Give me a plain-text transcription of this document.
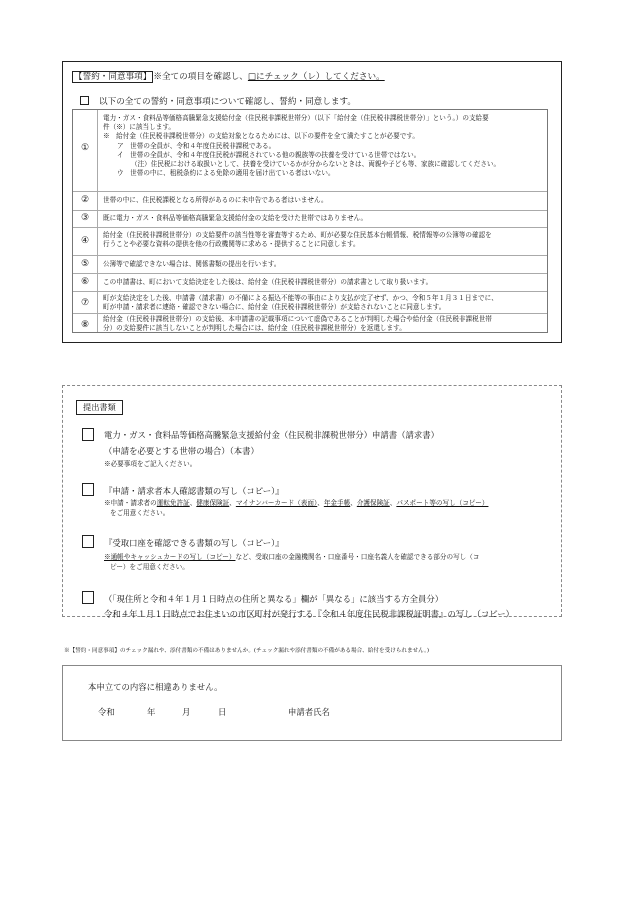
【誓約・同意事項】 ※全ての項目を確認し、□にチェック（レ）してください。
以下の全ての誓約・同意事項について確認し、誓約・同意します。
①
電力・ガス・食料品等価格高騰緊急支援給付金（住民税非課税世帯分）（以下「給付金（住民税非課税世帯分）」という。）の支給要
件（※）に該当します。
※　給付金（住民税非課税世帯分）の支給対象となるためには、以下の要件を全て満たすことが必要です。
ア　世帯の全員が、令和４年度住民税非課税である。
イ　世帯の全員が、令和４年度住民税が課税されている他の親族等の扶養を受けている世帯ではない。
（注）住民税における取扱いとして、扶養を受けているかが分からないときは、両親や子ども等、家族に確認してください。
ウ　世帯の中に、租税条約による免除の適用を届け出ている者はいない。
②	世帯の中に、住民税課税となる所得があるのに未申告である者はいません。
③	既に電力・ガス・食料品等価格高騰緊急支援給付金の支給を受けた世帯ではありません。
④
給付金（住民税非課税世帯分）の支給要件の該当性等を審査等するため、町が必要な住民基本台帳情報、税情報等の公簿等の確認を
行うことや必要な資料の提供を他の行政機関等に求める・提供することに同意します。
⑤	公簿等で確認できない場合は、関係書類の提出を行います。
⑥	この申請書は、町において支給決定をした後は、給付金（住民税非課税世帯分）の請求書として取り扱います。
⑦	町が支給決定をした後、申請書（請求書）の不備による振込不能等の事由により支払が完了せず、かつ、令和５年１月３１日までに、
町が申請・請求者に連絡・確認できない場合に、給付金（住民税非課税世帯分）が支給されないことに同意します。
⑧
給付金（住民税非課税世帯分）の支給後、本申請書の記載事項について虚偽であることが判明した場合や給付金（住民税非課税世帯
分）の支給要件に該当しないことが判明した場合には、給付金（住民税非課税世帯分）を返還します。
提出書類
電力・ガス・食料品等価格高騰緊急支援給付金（住民税非課税世帯分）申請書（請求書）
（申請を必要とする世帯の場合）（本書）
※必要事項をご記入ください。
『申請・請求者本人確認書類の写し（コピー）』
※申請・請求者の運転免許証、健康保険証、マイナンバーカード（表面）、年金手帳、介護保険証、パスポート等の写し（コピー）
をご用意ください。
『受取口座を確認できる書類の写し（コピー）』
※通帳やキャッシュカードの写し（コピー）など、受取口座の金融機関名・口座番号・口座名義人を確認できる部分の写し（コ
ピー）をご用意ください。
（「現住所と令和４年１月１日時点の住所と異なる」欄が「異なる」に該当する方全員分）
令和４年１月１日時点でお住まいの市区町村が発行する『令和４年度住民税非課税証明書』の写し（コピー）
※【誓約・同意事項】のチェック漏れや、添付書類の不備はありませんか。(チェック漏れや添付書類の不備がある場合、給付を受けられません。)
本申立ての内容に相違ありません。
令和	年	月	日	申請者氏名
